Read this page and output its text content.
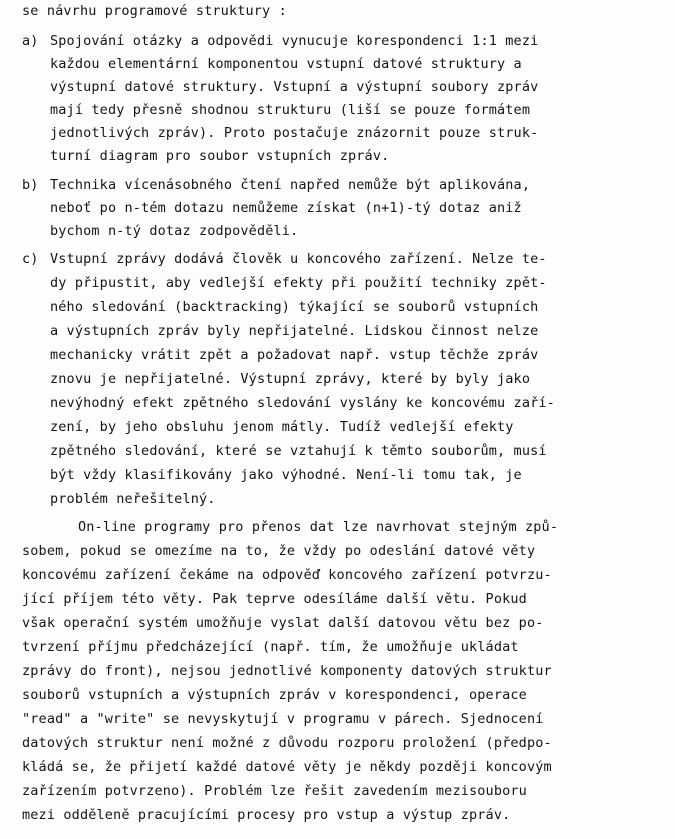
se návrhu programové struktury :
a) Spojování otázky a odpovědi vynucuje korespondenci 1:1 mezi
každou elementární komponentou vstupní datové struktury a
výstupní datové struktury. Vstupní a výstupní soubory zpráv
mají tedy přesně shodnou strukturu (liší se pouze formátem
jednotlivých zpráv). Proto postačuje znázornit pouze struk-
turní diagram pro soubor vstupních zpráv.
b) Technika vícenásobného čtení napřed nemůže být aplikována,
neboť po n-tém dotazu nemůžeme získat (n+1)-tý dotaz aniž
bychom n-tý dotaz zodpověděli.
c) Vstupní zprávy dodává člověk u koncového zařízení. Nelze te-
dy připustit, aby vedlejší efekty při použití techniky zpět-
ného sledování (backtracking) týkající se souborů vstupních
a výstupních zpráv byly nepřijatelné. Lidskou činnost nelze
mechanicky vrátit zpět a požadovat např. vstup těchže zpráv
znovu je nepřijatelné. Výstupní zprávy, které by byly jako
nevýhodný efekt zpětného sledování vyslány ke koncovému zaří-
zení, by jeho obsluhu jenom mátly. Tudíž vedlejší efekty
zpětného sledování, které se vztahují k těmto souborům, musí
být vždy klasifikovány jako výhodné. Není-li tomu tak, je
problém neřešitelný.
On-line programy pro přenos dat lze navrhovat stejným způ-
sobem, pokud se omezíme na to, že vždy po odeslání datové věty
koncovému zařízení čekáme na odpověď koncového zařízení potvrzu-
jící příjem této věty. Pak teprve odesíláme další větu. Pokud
však operační systém umožňuje vyslat další datovou větu bez po-
tvrzení příjmu předcházející (např. tím, že umožňuje ukládat
zprávy do front), nejsou jednotlivé komponenty datových struktur
souborů vstupních a výstupních zpráv v korespondenci, operace
"read" a "write" se nevyskytují v programu v párech. Sjednocení
datových struktur není možné z důvodu rozporu proložení (předpo-
kládá se, že přijetí každé datové věty je někdy později koncovým
zařízením potvrzeno). Problém lze řešit zavedením mezisouboru
mezi odděleně pracujícími procesy pro vstup a výstup zpráv.
